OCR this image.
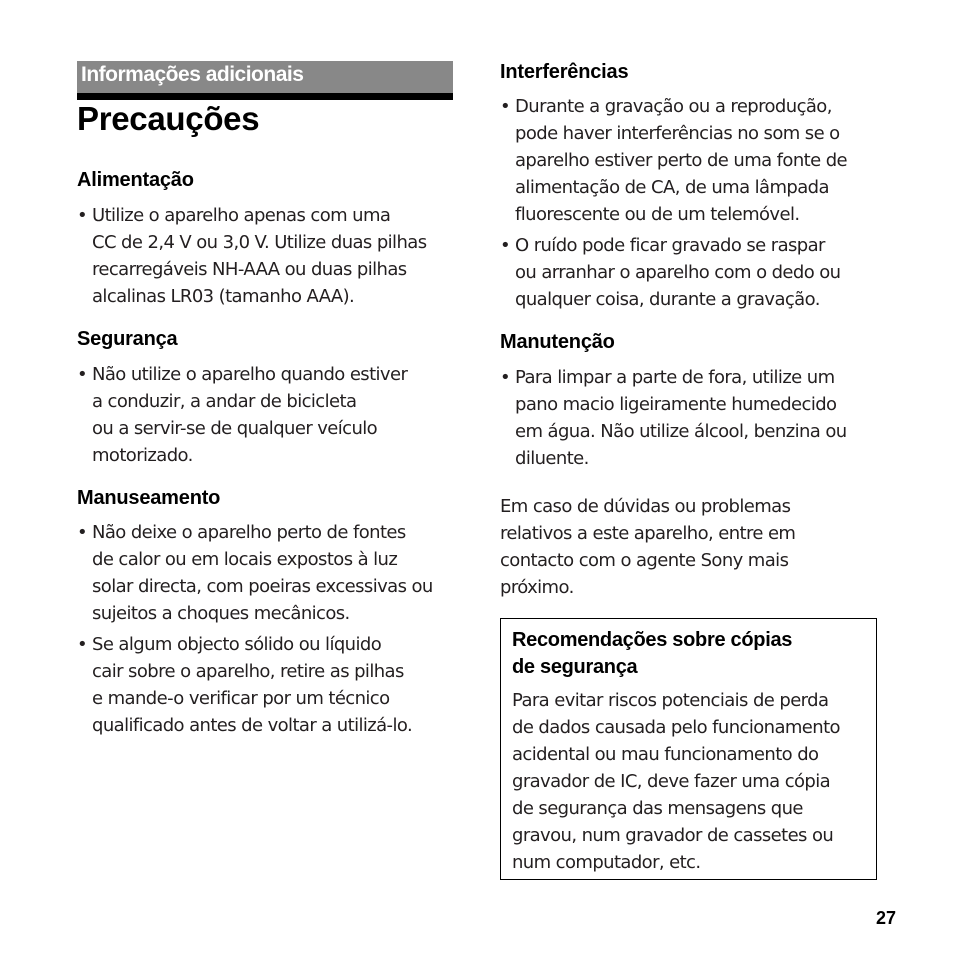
Informações adicionais
Precauções
Alimentação
• Utilize o aparelho apenas com uma
CC de 2,4 V ou 3,0 V. Utilize duas pilhas
recarregáveis NH-AAA ou duas pilhas
alcalinas LR03 (tamanho AAA).
Segurança
• Não utilize o aparelho quando estiver
a conduzir, a andar de bicicleta
ou a servir-se de qualquer veículo
motorizado.
Manuseamento
• Não deixe o aparelho perto de fontes
de calor ou em locais expostos à luz
solar directa, com poeiras excessivas ou
sujeitos a choques mecânicos.
• Se algum objecto sólido ou líquido
cair sobre o aparelho, retire as pilhas
e mande-o verificar por um técnico
qualificado antes de voltar a utilizá-lo.
Interferências
• Durante a gravação ou a reprodução,
pode haver interferências no som se o
aparelho estiver perto de uma fonte de
alimentação de CA, de uma lâmpada
fluorescente ou de um telemóvel.
• O ruído pode ficar gravado se raspar
ou arranhar o aparelho com o dedo ou
qualquer coisa, durante a gravação.
Manutenção
• Para limpar a parte de fora, utilize um
pano macio ligeiramente humedecido
em água. Não utilize álcool, benzina ou
diluente.

Em caso de dúvidas ou problemas
relativos a este aparelho, entre em
contacto com o agente Sony mais
próximo.

Recomendações sobre cópias
de segurança

Para evitar riscos potenciais de perda
de dados causada pelo funcionamento
acidental ou mau funcionamento do
gravador de IC, deve fazer uma cópia
de segurança das mensagens que
gravou, num gravador de cassetes ou
num computador, etc.

27
